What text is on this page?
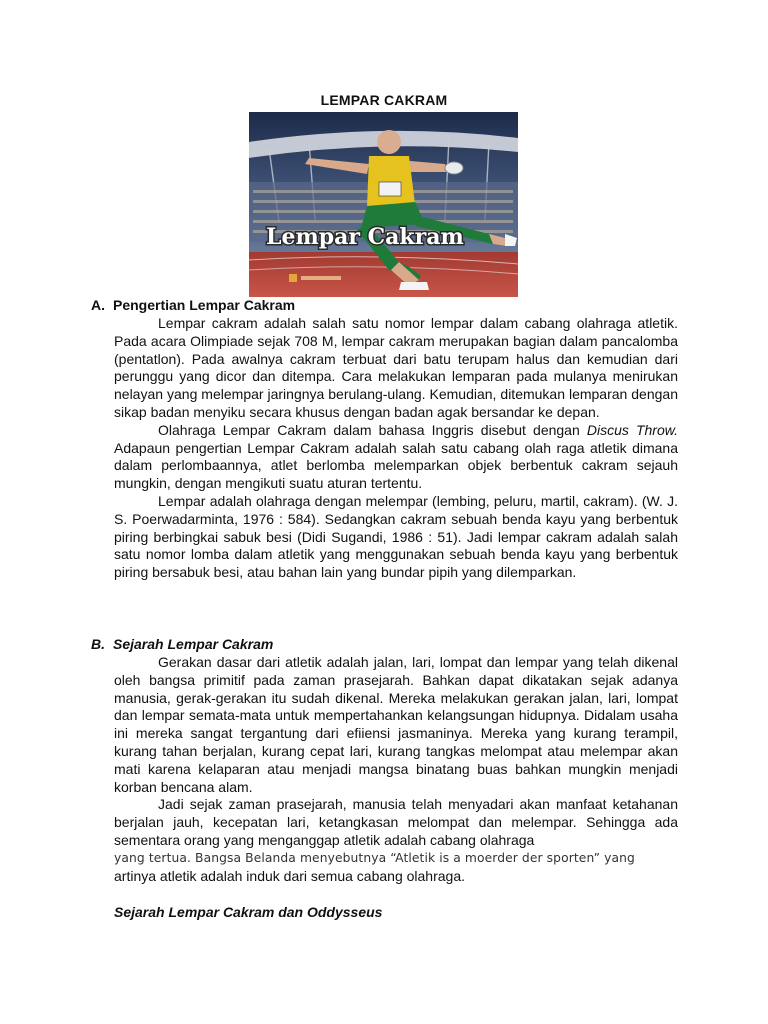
LEMPAR CAKRAM
Lempar Cakram
A. Pengertian Lempar Cakram

Lempar cakram adalah salah satu nomor lempar dalam cabang olahraga atletik. Pada acara Olimpiade sejak 708 M, lempar cakram merupakan bagian dalam pancalomba (pentatlon). Pada awalnya cakram terbuat dari batu terupam halus dan kemudian dari perunggu yang dicor dan ditempa. Cara melakukan lemparan pada mulanya menirukan nelayan yang melempar jaringnya berulang-ulang. Kemudian, ditemukan lemparan dengan sikap badan menyiku secara khusus dengan badan agak bersandar ke depan.

Olahraga Lempar Cakram dalam bahasa Inggris disebut dengan Discus Throw. Adapaun pengertian Lempar Cakram adalah salah satu cabang olah raga atletik dimana dalam perlombaannya, atlet berlomba melemparkan objek berbentuk cakram sejauh mungkin, dengan mengikuti suatu aturan tertentu.

Lempar adalah olahraga dengan melempar (lembing, peluru, martil, cakram). (W. J. S. Poerwadarminta, 1976 : 584). Sedangkan cakram sebuah benda kayu yang berbentuk piring berbingkai sabuk besi (Didi Sugandi, 1986 : 51). Jadi lempar cakram adalah salah satu nomor lomba dalam atletik yang menggunakan sebuah benda kayu yang berbentuk piring bersabuk besi, atau bahan lain yang bundar pipih yang dilemparkan.

B. Sejarah Lempar Cakram

Gerakan dasar dari atletik adalah jalan, lari, lompat dan lempar yang telah dikenal oleh bangsa primitif pada zaman prasejarah. Bahkan dapat dikatakan sejak adanya manusia, gerak-gerakan itu sudah dikenal. Mereka melakukan gerakan jalan, lari, lompat dan lempar semata-mata untuk mempertahankan kelangsungan hidupnya. Didalam usaha ini mereka sangat tergantung dari efiiensi jasmaninya. Mereka yang kurang terampil, kurang tahan berjalan, kurang cepat lari, kurang tangkas melompat atau melempar akan mati karena kelaparan atau menjadi mangsa binatang buas bahkan mungkin menjadi korban bencana alam.

Jadi sejak zaman prasejarah, manusia telah menyadari akan manfaat ketahanan berjalan jauh, kecepatan lari, ketangkasan melompat dan melempar. Sehingga ada sementara orang yang menganggap atletik adalah cabang olahraga

yang tertua. Bangsa Belanda menyebutnya “Atletik is a moerder der sporten” yang

artinya atletik adalah induk dari semua cabang olahraga.

Sejarah Lempar Cakram dan Oddysseus
